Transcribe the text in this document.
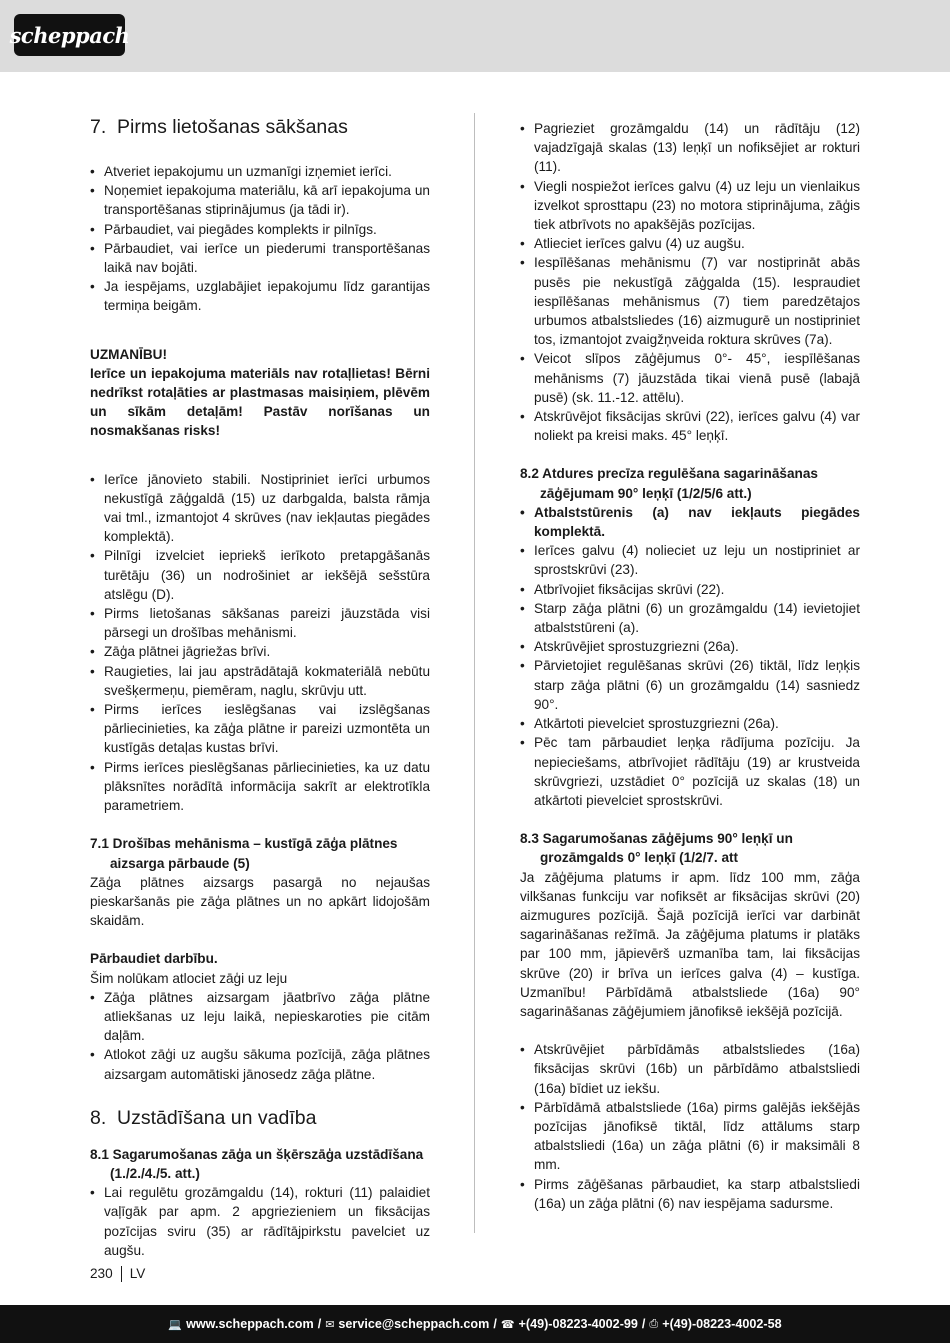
scheppach
7. Pirms lietošanas sākšanas
• Atveriet iepakojumu un uzmanīgi izņemiet ierīci.
• Noņemiet iepakojuma materiālu, kā arī iepakojuma un transportēšanas stiprinājumus (ja tādi ir).
• Pārbaudiet, vai piegādes komplekts ir pilnīgs.
• Pārbaudiet, vai ierīce un piederumi transportēšanas laikā nav bojāti.
• Ja iespējams, uzglabājiet iepakojumu līdz garantijas termiņa beigām.

UZMANĪBU!

Ierīce un iepakojuma materiāls nav rotaļlietas! Bērni nedrīkst rotaļāties ar plastmasas maisiņiem, plēvēm un sīkām detaļām! Pastāv norīšanas un nosmakšanas risks!

• Ierīce jānovieto stabili. Nostipriniet ierīci urbumos nekustīgā zāģgaldā (15) uz darbgalda, balsta rāmja vai tml., izmantojot 4 skrūves (nav iekļautas piegādes komplektā).
• Pilnīgi izvelciet iepriekš ierīkoto pretapgāšanās turētāju (36) un nodrošiniet ar iekšējā sešstūra atslēgu (D).
• Pirms lietošanas sākšanas pareizi jāuzstāda visi pārsegi un drošības mehānismi.
• Zāģa plātnei jāgriežas brīvi.
• Raugieties, lai jau apstrādātajā kokmateriālā nebūtu svešķermeņu, piemēram, naglu, skrūvju utt.
• Pirms ierīces ieslēgšanas vai izslēgšanas pārliecinieties, ka zāģa plātne ir pareizi uzmontēta un kustīgās detaļas kustas brīvi.
• Pirms ierīces pieslēgšanas pārliecinieties, ka uz datu plāksnītes norādītā informācija sakrīt ar elektrotīkla parametriem.
7.1 Drošības mehānisma – kustīgā zāģa plātnes aizsarga pārbaude (5)

Zāģa plātnes aizsargs pasargā no nejaušas pieskaršanās pie zāģa plātnes un no apkārt lidojošām skaidām.

Pārbaudiet darbību.

Šim nolūkam atlociet zāģi uz leju

• Zāģa plātnes aizsargam jāatbrīvo zāģa plātne atliekšanas uz leju laikā, nepieskaroties pie citām daļām.
• Atlokot zāģi uz augšu sākuma pozīcijā, zāģa plātnes aizsargam automātiski jānosedz zāģa plātne.
8. Uzstādīšana un vadība
8.1 Sagarumošanas zāģa un šķērszāģa uzstādīšana (1./2./4./5. att.)
• Lai regulētu grozāmgaldu (14), rokturi (11) palaidiet vaļīgāk par apm. 2 apgriezieniem un fiksācijas pozīcijas sviru (35) ar rādītājpirkstu pavelciet uz augšu.
• Pagrieziet grozāmgaldu (14) un rādītāju (12) vajadzīgajā skalas (13) leņķī un nofiksējiet ar rokturi (11).
• Viegli nospiežot ierīces galvu (4) uz leju un vienlaikus izvelkot sprosttapu (23) no motora stiprinājuma, zāģis tiek atbrīvots no apakšējās pozīcijas.
• Atlieciet ierīces galvu (4) uz augšu.
• Iespīlēšanas mehānismu (7) var nostiprināt abās pusēs pie nekustīgā zāģgalda (15). Iespraudiet iespīlēšanas mehānismus (7) tiem paredzētajos urbumos atbalstsliedes (16) aizmugurē un nostipriniet tos, izmantojot zvaigžņveida roktura skrūves (7a).
• Veicot slīpos zāģējumus 0°- 45°, iespīlēšanas mehānisms (7) jāuzstāda tikai vienā pusē (labajā pusē) (sk. 11.-12. attēlu).
• Atskrūvējot fiksācijas skrūvi (22), ierīces galvu (4) var noliekt pa kreisi maks. 45° leņķī.
8.2 Atdures precīza regulēšana sagarināšanas zāģējumam 90° leņķī (1/2/5/6 att.)
• Atbalststūrenis (a) nav iekļauts piegādes komplektā.
• Ierīces galvu (4) nolieciet uz leju un nostipriniet ar sprostskrūvi (23).
• Atbrīvojiet fiksācijas skrūvi (22).
• Starp zāģa plātni (6) un grozāmgaldu (14) ievietojiet atbalststūreni (a).
• Atskrūvējiet sprostuzgriezni (26a).
• Pārvietojiet regulēšanas skrūvi (26) tiktāl, līdz leņķis starp zāģa plātni (6) un grozāmgaldu (14) sasniedz 90°.
• Atkārtoti pievelciet sprostuzgriezni (26a).
• Pēc tam pārbaudiet leņķa rādījuma pozīciju. Ja nepieciešams, atbrīvojiet rādītāju (19) ar krustveida skrūvgriezi, uzstādiet 0° pozīcijā uz skalas (18) un atkārtoti pievelciet sprostskrūvi.
8.3 Sagarumošanas zāģējums 90° leņķī un grozāmgalds 0° leņķī (1/2/7. att

Ja zāģējuma platums ir apm. līdz 100 mm, zāģa vilkšanas funkciju var nofiksēt ar fiksācijas skrūvi (20) aizmugures pozīcijā. Šajā pozīcijā ierīci var darbināt sagarināšanas režīmā. Ja zāģējuma platums ir platāks par 100 mm, jāpievērš uzmanība tam, lai fiksācijas skrūve (20) ir brīva un ierīces galva (4) – kustīga. Uzmanību! Pārbīdāmā atbalstsliede (16a) 90° sagarināšanas zāģējumiem jānofiksē iekšējā pozīcijā.

• Atskrūvējiet pārbīdāmās atbalstsliedes (16a) fiksācijas skrūvi (16b) un pārbīdāmo atbalstsliedi (16a) bīdiet uz iekšu.
• Pārbīdāmā atbalstsliede (16a) pirms galējās iekšējās pozīcijas jānofiksē tiktāl, līdz attālums starp atbalstsliedi (16a) un zāģa plātni (6) ir maksimāli 8 mm.
• Pirms zāģēšanas pārbaudiet, ka starp atbalstsliedi (16a) un zāģa plātni (6) nav iespējama sadursme.
230 LV
💻 www.scheppach.com / ✉ service@scheppach.com / ☎ +(49)-08223-4002-99 / ⎙ +(49)-08223-4002-58
